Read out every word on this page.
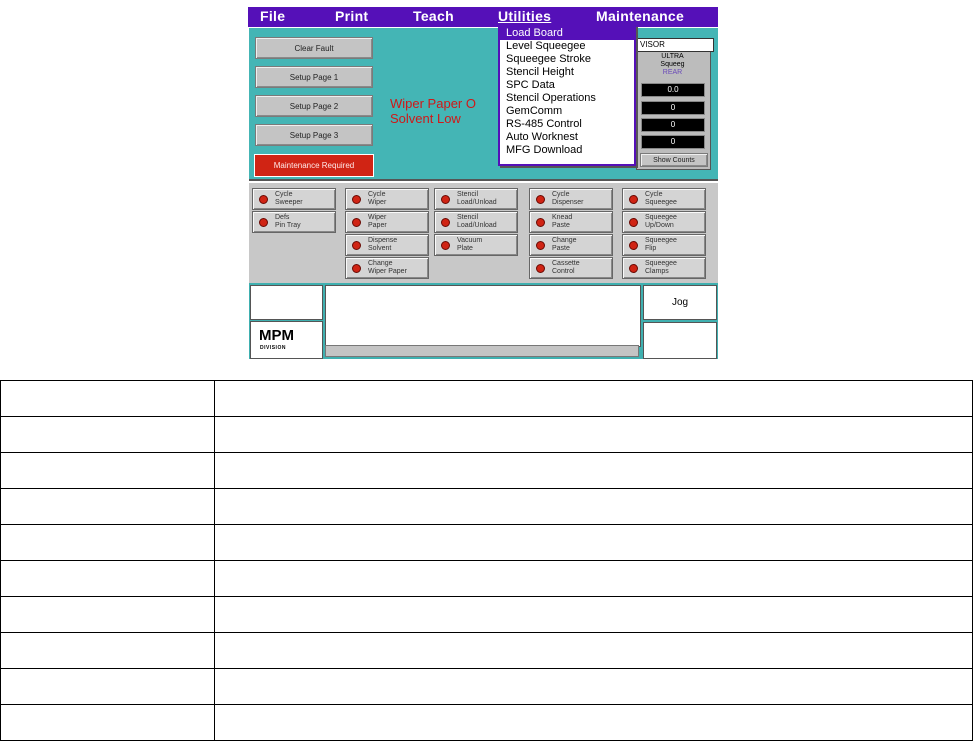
File	Print	Teach	Utilities	Maintenance
Clear Fault
Setup Page 1
Setup Page 2
Setup Page 3
Maintenance Required
Wiper Paper O
Solvent Low
VISOR
ULTRA
Squeeg
REAR
0.0
0
0
0
Show Counts
Load Board
Level Squeegee
Squeegee Stroke
Stencil Height
SPC Data
Stencil Operations
GemComm
RS-485 Control
Auto Worknest
MFG Download
Cycle
Sweeper
Defs
Pin Tray
Cycle
Wiper
Wiper
Paper
Dispense
Solvent
Change
Wiper Paper
Stencil
Load/Unload
Stencil
Load/Unload
Vacuum
Plate
Cycle
Dispenser
Knead
Paste
Change
Paste
Cassette
Control
Cycle
Squeegee
Squeegee
Up/Down
Squeegee
Flip
Squeegee
Clamps
Jog
MPM
DIVISION
